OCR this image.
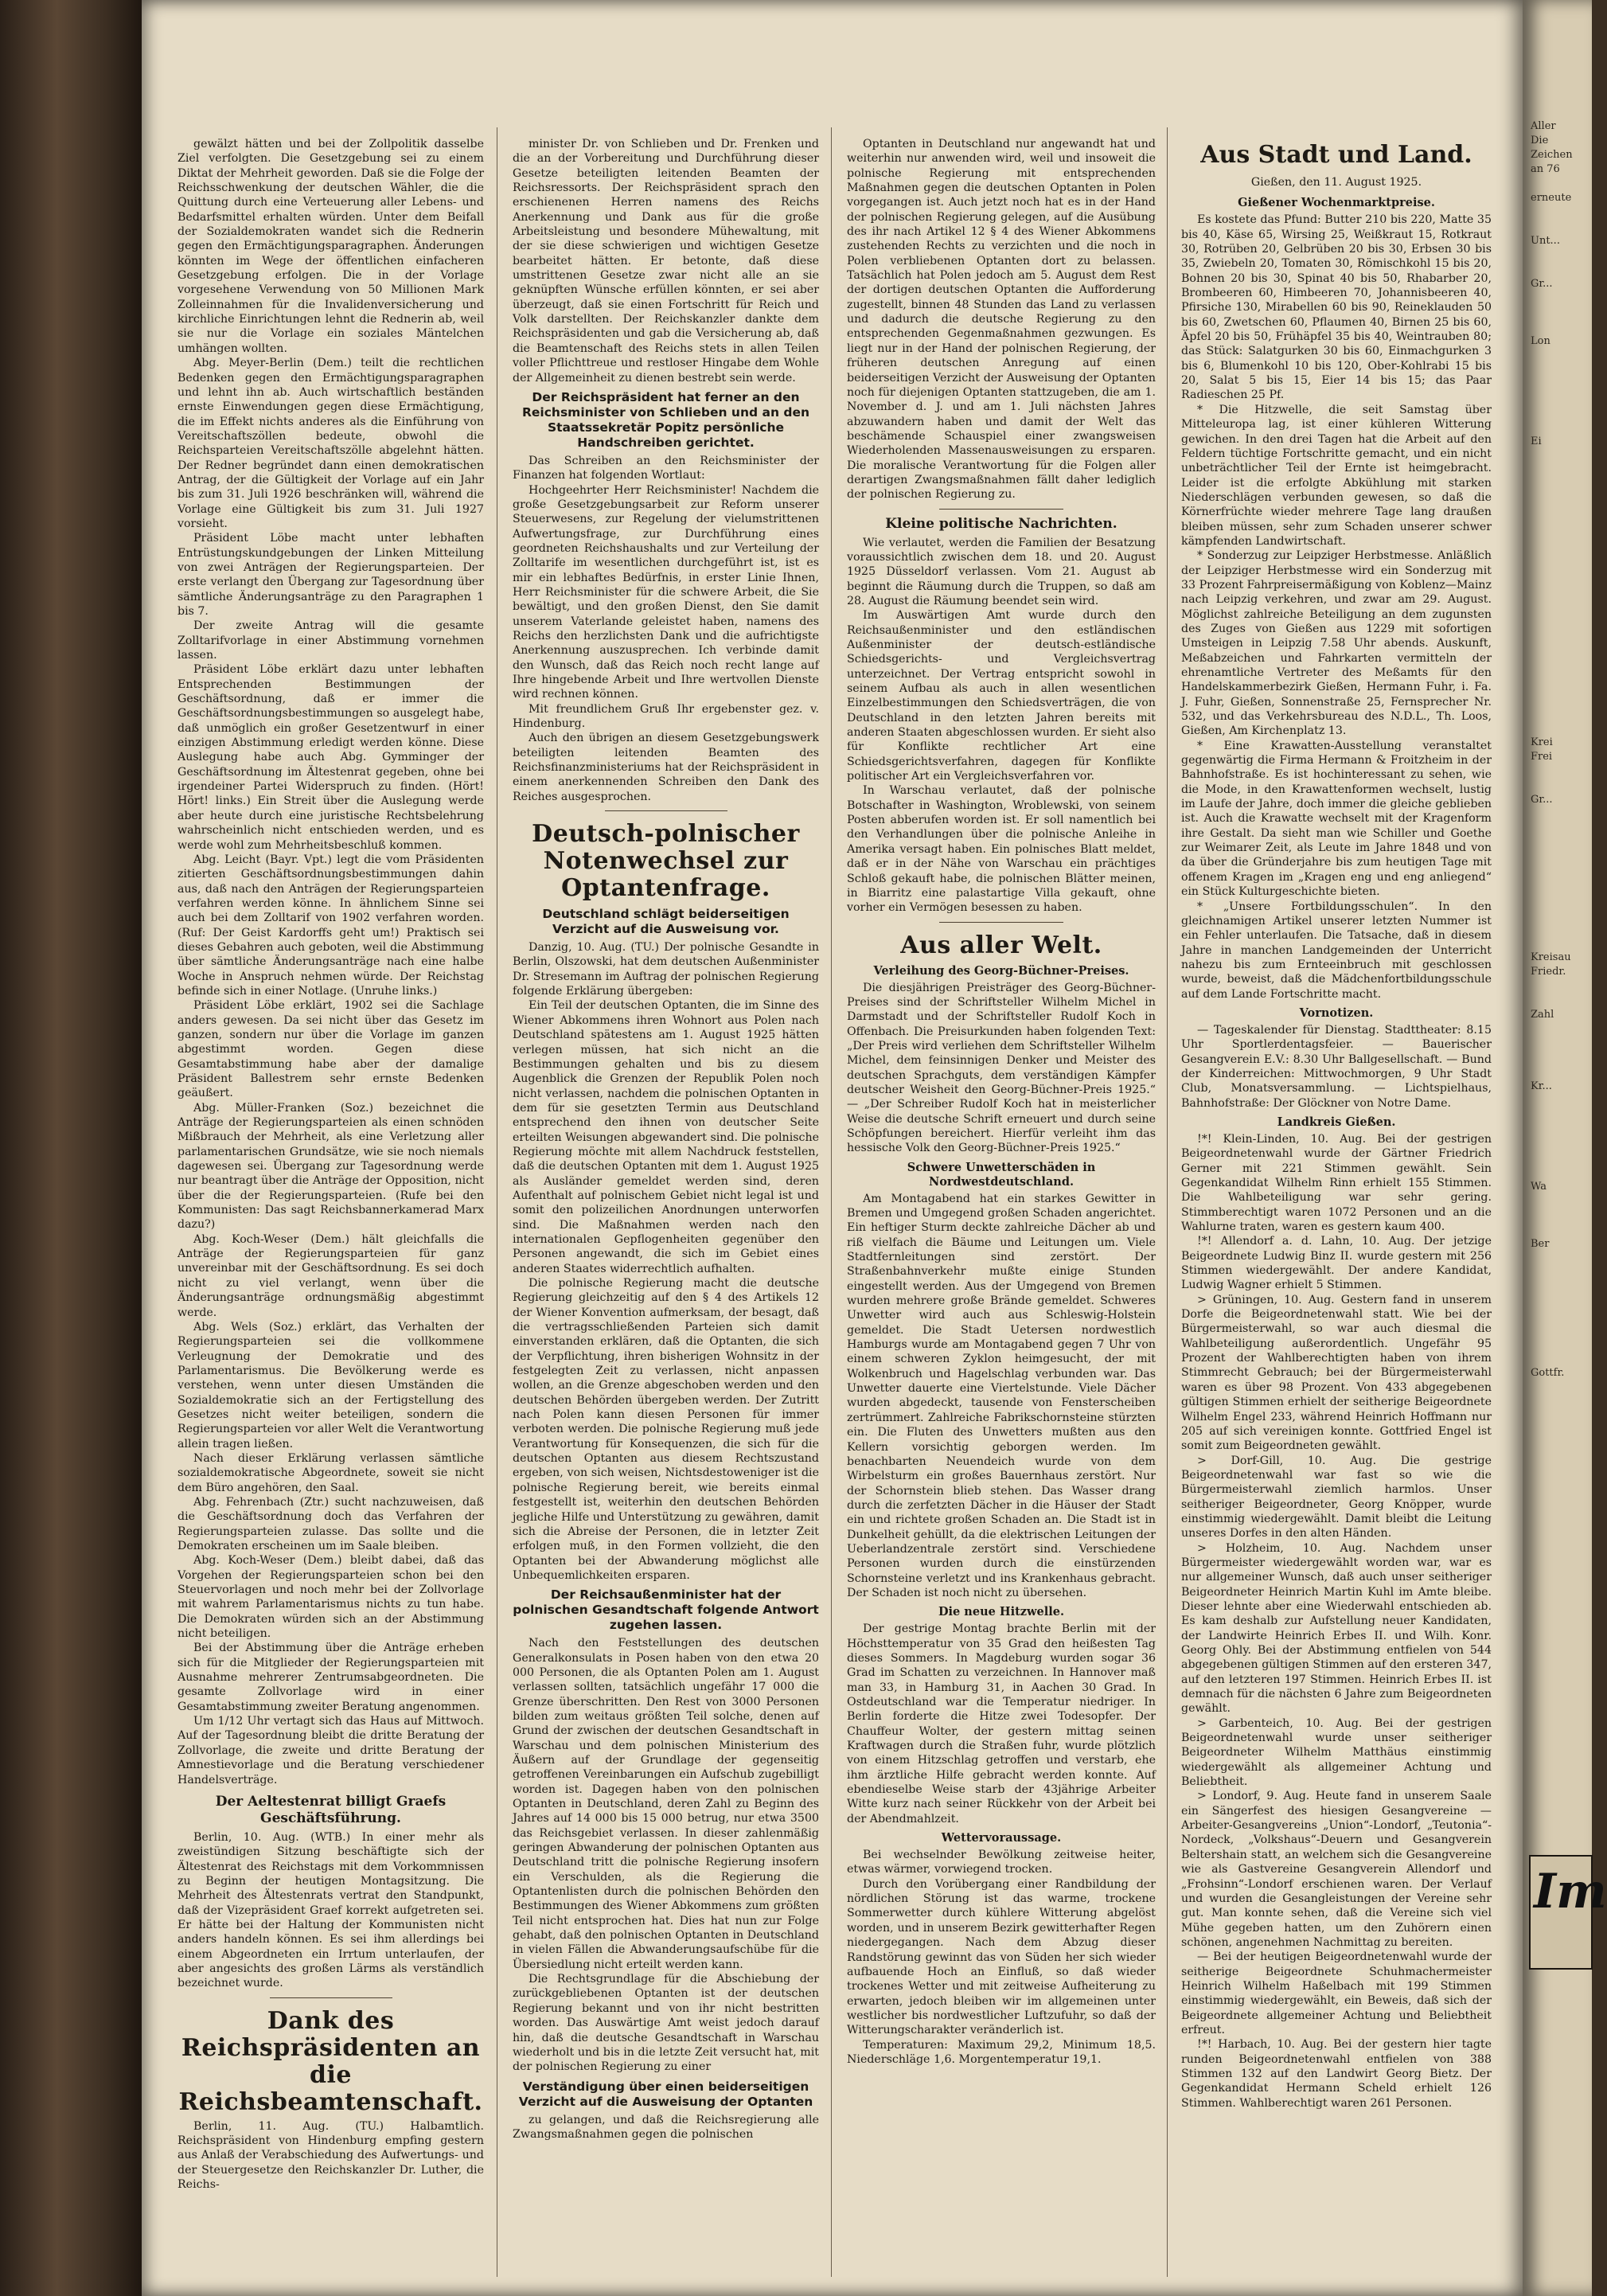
gewälzt hätten und bei der Zollpolitik dasselbe Ziel verfolgten. Die Gesetzgebung sei zu einem Diktat der Mehrheit geworden. Daß sie die Folge der Reichsschwenkung der deutschen Wähler, die die Quittung durch eine Verteuerung aller Lebens- und Bedarfsmittel erhalten würden. Unter dem Beifall der Sozialdemokraten wandet sich die Rednerin gegen den Ermächtigungsparagraphen. Änderungen könnten im Wege der öffentlichen einfacheren Gesetzgebung erfolgen. Die in der Vorlage vorgesehene Verwendung von 50 Millionen Mark Zolleinnahmen für die Invalidenversicherung und kirchliche Einrichtungen lehnt die Rednerin ab, weil sie nur die Vorlage ein soziales Mäntelchen umhängen wollten.

Abg. Meyer-Berlin (Dem.) teilt die rechtlichen Bedenken gegen den Ermächtigungsparagraphen und lehnt ihn ab. Auch wirtschaftlich beständen ernste Einwendungen gegen diese Ermächtigung, die im Effekt nichts anderes als die Einführung von Vereitschaftszöllen bedeute, obwohl die Reichsparteien Vereitschaftszölle abgelehnt hätten. Der Redner begründet dann einen demokratischen Antrag, der die Gültigkeit der Vorlage auf ein Jahr bis zum 31. Juli 1926 beschränken will, während die Vorlage eine Gültigkeit bis zum 31. Juli 1927 vorsieht.

Präsident Löbe macht unter lebhaften Entrüstungskundgebungen der Linken Mitteilung von zwei Anträgen der Regierungsparteien. Der erste verlangt den Übergang zur Tagesordnung über sämtliche Änderungsanträge zu den Paragraphen 1 bis 7.

Der zweite Antrag will die gesamte Zolltarifvorlage in einer Abstimmung vornehmen lassen.

Präsident Löbe erklärt dazu unter lebhaften Entsprechenden Bestimmungen der Geschäftsordnung, daß er immer die Geschäftsordnungsbestimmungen so ausgelegt habe, daß unmöglich ein großer Gesetzentwurf in einer einzigen Abstimmung erledigt werden könne. Diese Auslegung habe auch Abg. Gymminger der Geschäftsordnung im Ältestenrat gegeben, ohne bei irgendeiner Partei Widerspruch zu finden. (Hört! Hört! links.) Ein Streit über die Auslegung werde aber heute durch eine juristische Rechtsbelehrung wahrscheinlich nicht entschieden werden, und es werde wohl zum Mehrheitsbeschluß kommen.

Abg. Leicht (Bayr. Vpt.) legt die vom Präsidenten zitierten Geschäftsordnungsbestimmungen dahin aus, daß nach den Anträgen der Regierungsparteien verfahren werden könne. In ähnlichem Sinne sei auch bei dem Zolltarif von 1902 verfahren worden. (Ruf: Der Geist Kardorffs geht um!) Praktisch sei dieses Gebahren auch geboten, weil die Abstimmung über sämtliche Änderungsanträge nach eine halbe Woche in Anspruch nehmen würde. Der Reichstag befinde sich in einer Notlage. (Unruhe links.)

Präsident Löbe erklärt, 1902 sei die Sachlage anders gewesen. Da sei nicht über das Gesetz im ganzen, sondern nur über die Vorlage im ganzen abgestimmt worden. Gegen diese Gesamtabstimmung habe aber der damalige Präsident Ballestrem sehr ernste Bedenken geäußert.

Abg. Müller-Franken (Soz.) bezeichnet die Anträge der Regierungsparteien als einen schnöden Mißbrauch der Mehrheit, als eine Verletzung aller parlamentarischen Grundsätze, wie sie noch niemals dagewesen sei. Übergang zur Tagesordnung werde nur beantragt über die Anträge der Opposition, nicht über die der Regierungsparteien. (Rufe bei den Kommunisten: Das sagt Reichsbannerkamerad Marx dazu?)

Abg. Koch-Weser (Dem.) hält gleichfalls die Anträge der Regierungsparteien für ganz unvereinbar mit der Geschäftsordnung. Es sei doch nicht zu viel verlangt, wenn über die Änderungsanträge ordnungsmäßig abgestimmt werde.

Abg. Wels (Soz.) erklärt, das Verhalten der Regierungsparteien sei die vollkommene Verleugnung der Demokratie und des Parlamentarismus. Die Bevölkerung werde es verstehen, wenn unter diesen Umständen die Sozialdemokratie sich an der Fertigstellung des Gesetzes nicht weiter beteiligen, sondern die Regierungsparteien vor aller Welt die Verantwortung allein tragen ließen.

Nach dieser Erklärung verlassen sämtliche sozialdemokratische Abgeordnete, soweit sie nicht dem Büro angehören, den Saal.

Abg. Fehrenbach (Ztr.) sucht nachzuweisen, daß die Geschäftsordnung doch das Verfahren der Regierungsparteien zulasse. Das sollte und die Demokraten erscheinen um im Saale bleiben.

Abg. Koch-Weser (Dem.) bleibt dabei, daß das Vorgehen der Regierungsparteien schon bei den Steuervorlagen und noch mehr bei der Zollvorlage mit wahrem Parlamentarismus nichts zu tun habe. Die Demokraten würden sich an der Abstimmung nicht beteiligen.

Bei der Abstimmung über die Anträge erheben sich für die Mitglieder der Regierungsparteien mit Ausnahme mehrerer Zentrumsabgeordneten. Die gesamte Zollvorlage wird in einer Gesamtabstimmung zweiter Beratung angenommen.

Um 1/12 Uhr vertagt sich das Haus auf Mittwoch. Auf der Tagesordnung bleibt die dritte Beratung der Zollvorlage, die zweite und dritte Beratung der Amnestievorlage und die Beratung verschiedener Handelsverträge.

Der Aeltestenrat billigt Graefs Geschäftsführung.

Berlin, 10. Aug. (WTB.) In einer mehr als zweistündigen Sitzung beschäftigte sich der Ältestenrat des Reichstags mit dem Vorkommnissen zu Beginn der heutigen Montagsitzung. Die Mehrheit des Ältestenrats vertrat den Standpunkt, daß der Vizepräsident Graef korrekt aufgetreten sei. Er hätte bei der Haltung der Kommunisten nicht anders handeln können. Es sei ihm allerdings bei einem Abgeordneten ein Irrtum unterlaufen, der aber angesichts des großen Lärms als verständlich bezeichnet wurde.

Dank des Reichspräsidenten an die Reichsbeamtenschaft.

Berlin, 11. Aug. (TU.) Halbamtlich. Reichspräsident von Hindenburg empfing gestern aus Anlaß der Verabschiedung des Aufwertungs- und der Steuergesetze den Reichskanzler Dr. Luther, die Reichs-

minister Dr. von Schlieben und Dr. Frenken und die an der Vorbereitung und Durchführung dieser Gesetze beteiligten leitenden Beamten der Reichsressorts. Der Reichspräsident sprach den erschienenen Herren namens des Reichs Anerkennung und Dank aus für die große Arbeitsleistung und besondere Mühewaltung, mit der sie diese schwierigen und wichtigen Gesetze bearbeitet hätten. Er betonte, daß diese umstrittenen Gesetze zwar nicht alle an sie geknüpften Wünsche erfüllen könnten, er sei aber überzeugt, daß sie einen Fortschritt für Reich und Volk darstellten. Der Reichskanzler dankte dem Reichspräsidenten und gab die Versicherung ab, daß die Beamtenschaft des Reichs stets in allen Teilen voller Pflichttreue und restloser Hingabe dem Wohle der Allgemeinheit zu dienen bestrebt sein werde.

Der Reichspräsident hat ferner an den Reichsminister von Schlieben und an den Staatssekretär Popitz persönliche Handschreiben gerichtet.

Das Schreiben an den Reichsminister der Finanzen hat folgenden Wortlaut:

Hochgeehrter Herr Reichsminister! Nachdem die große Gesetzgebungsarbeit zur Reform unserer Steuerwesens, zur Regelung der vielumstrittenen Aufwertungsfrage, zur Durchführung eines geordneten Reichshaushalts und zur Verteilung der Zolltarife im wesentlichen durchgeführt ist, ist es mir ein lebhaftes Bedürfnis, in erster Linie Ihnen, Herr Reichsminister für die schwere Arbeit, die Sie bewältigt, und den großen Dienst, den Sie damit unserem Vaterlande geleistet haben, namens des Reichs den herzlichsten Dank und die aufrichtigste Anerkennung auszusprechen. Ich verbinde damit den Wunsch, daß das Reich noch recht lange auf Ihre hingebende Arbeit und Ihre wertvollen Dienste wird rechnen können.

Mit freundlichem Gruß Ihr ergebenster gez. v. Hindenburg.

Auch den übrigen an diesem Gesetzgebungswerk beteiligten leitenden Beamten des Reichsfinanzministeriums hat der Reichspräsident in einem anerkennenden Schreiben den Dank des Reiches ausgesprochen.

Deutsch-polnischer Notenwechsel zur Optantenfrage.
Deutschland schlägt beiderseitigen Verzicht auf die Ausweisung vor.

Danzig, 10. Aug. (TU.) Der polnische Gesandte in Berlin, Olszowski, hat dem deutschen Außenminister Dr. Stresemann im Auftrag der polnischen Regierung folgende Erklärung übergeben:

Ein Teil der deutschen Optanten, die im Sinne des Wiener Abkommens ihren Wohnort aus Polen nach Deutschland spätestens am 1. August 1925 hätten verlegen müssen, hat sich nicht an die Bestimmungen gehalten und bis zu diesem Augenblick die Grenzen der Republik Polen noch nicht verlassen, nachdem die polnischen Optanten in dem für sie gesetzten Termin aus Deutschland entsprechend den ihnen von deutscher Seite erteilten Weisungen abgewandert sind. Die polnische Regierung möchte mit allem Nachdruck feststellen, daß die deutschen Optanten mit dem 1. August 1925 als Ausländer gemeldet werden sind, deren Aufenthalt auf polnischem Gebiet nicht legal ist und somit den polizeilichen Anordnungen unterworfen sind. Die Maßnahmen werden nach den internationalen Gepflogenheiten gegenüber den Personen angewandt, die sich im Gebiet eines anderen Staates widerrechtlich aufhalten.

Die polnische Regierung macht die deutsche Regierung gleichzeitig auf den § 4 des Artikels 12 der Wiener Konvention aufmerksam, der besagt, daß die vertragsschließenden Parteien sich damit einverstanden erklären, daß die Optanten, die sich der Verpflichtung, ihren bisherigen Wohnsitz in der festgelegten Zeit zu verlassen, nicht anpassen wollen, an die Grenze abgeschoben werden und den deutschen Behörden übergeben werden. Der Zutritt nach Polen kann diesen Personen für immer verboten werden. Die polnische Regierung muß jede Verantwortung für Konsequenzen, die sich für die deutschen Optanten aus diesem Rechtszustand ergeben, von sich weisen, Nichtsdestoweniger ist die polnische Regierung bereit, wie bereits einmal festgestellt ist, weiterhin den deutschen Behörden jegliche Hilfe und Unterstützung zu gewähren, damit sich die Abreise der Personen, die in letzter Zeit erfolgen muß, in den Formen vollzieht, die den Optanten bei der Abwanderung möglichst alle Unbequemlichkeiten ersparen.

Der Reichsaußenminister hat der polnischen Gesandtschaft folgende Antwort zugehen lassen.

Nach den Feststellungen des deutschen Generalkonsulats in Posen haben von den etwa 20 000 Personen, die als Optanten Polen am 1. August verlassen sollten, tatsächlich ungefähr 17 000 die Grenze überschritten. Den Rest von 3000 Personen bilden zum weitaus größten Teil solche, denen auf Grund der zwischen der deutschen Gesandtschaft in Warschau und dem polnischen Ministerium des Äußern auf der Grundlage der gegenseitig getroffenen Vereinbarungen ein Aufschub zugebilligt worden ist. Dagegen haben von den polnischen Optanten in Deutschland, deren Zahl zu Beginn des Jahres auf 14 000 bis 15 000 betrug, nur etwa 3500 das Reichsgebiet verlassen. In dieser zahlenmäßig geringen Abwanderung der polnischen Optanten aus Deutschland tritt die polnische Regierung insofern ein Verschulden, als die Regierung die Optantenlisten durch die polnischen Behörden den Bestimmungen des Wiener Abkommens zum größten Teil nicht entsprochen hat. Dies hat nun zur Folge gehabt, daß den polnischen Optanten in Deutschland in vielen Fällen die Abwanderungsaufschübe für die Übersiedlung nicht erteilt werden kann.

Die Rechtsgrundlage für die Abschiebung der zurückgebliebenen Optanten ist der deutschen Regierung bekannt und von ihr nicht bestritten worden. Das Auswärtige Amt weist jedoch darauf hin, daß die deutsche Gesandtschaft in Warschau wiederholt und bis in die letzte Zeit versucht hat, mit der polnischen Regierung zu einer

Verständigung über einen beiderseitigen Verzicht auf die Ausweisung der Optanten

zu gelangen, und daß die Reichsregierung alle Zwangsmaßnahmen gegen die polnischen

Optanten in Deutschland nur angewandt hat und weiterhin nur anwenden wird, weil und insoweit die polnische Regierung mit entsprechenden Maßnahmen gegen die deutschen Optanten in Polen vorgegangen ist. Auch jetzt noch hat es in der Hand der polnischen Regierung gelegen, auf die Ausübung des ihr nach Artikel 12 § 4 des Wiener Abkommens zustehenden Rechts zu verzichten und die noch in Polen verbliebenen Optanten dort zu belassen. Tatsächlich hat Polen jedoch am 5. August dem Rest der dortigen deutschen Optanten die Aufforderung zugestellt, binnen 48 Stunden das Land zu verlassen und dadurch die deutsche Regierung zu den entsprechenden Gegenmaßnahmen gezwungen. Es liegt nur in der Hand der polnischen Regierung, der früheren deutschen Anregung auf einen beiderseitigen Verzicht der Ausweisung der Optanten noch für diejenigen Optanten stattzugeben, die am 1. November d. J. und am 1. Juli nächsten Jahres abzuwandern haben und damit der Welt das beschämende Schauspiel einer zwangsweisen Wiederholenden Massenausweisungen zu ersparen. Die moralische Verantwortung für die Folgen aller derartigen Zwangsmaßnahmen fällt daher lediglich der polnischen Regierung zu.

Kleine politische Nachrichten.

Wie verlautet, werden die Familien der Besatzung voraussichtlich zwischen dem 18. und 20. August 1925 Düsseldorf verlassen. Vom 21. August ab beginnt die Räumung durch die Truppen, so daß am 28. August die Räumung beendet sein wird.

Im Auswärtigen Amt wurde durch den Reichsaußenminister und den estländischen Außenminister der deutsch-estländische Schiedsgerichts- und Vergleichsvertrag unterzeichnet. Der Vertrag entspricht sowohl in seinem Aufbau als auch in allen wesentlichen Einzelbestimmungen den Schiedsverträgen, die von Deutschland in den letzten Jahren bereits mit anderen Staaten abgeschlossen wurden. Er sieht also für Konflikte rechtlicher Art eine Schiedsgerichtsverfahren, dagegen für Konflikte politischer Art ein Vergleichsverfahren vor.

In Warschau verlautet, daß der polnische Botschafter in Washington, Wroblewski, von seinem Posten abberufen worden ist. Er soll namentlich bei den Verhandlungen über die polnische Anleihe in Amerika versagt haben. Ein polnisches Blatt meldet, daß er in der Nähe von Warschau ein prächtiges Schloß gekauft habe, die polnischen Blätter meinen, in Biarritz eine palastartige Villa gekauft, ohne vorher ein Vermögen besessen zu haben.

Aus aller Welt.
Verleihung des Georg-Büchner-Preises.

Die diesjährigen Preisträger des Georg-Büchner-Preises sind der Schriftsteller Wilhelm Michel in Darmstadt und der Schriftsteller Rudolf Koch in Offenbach. Die Preisurkunden haben folgenden Text: „Der Preis wird verliehen dem Schriftsteller Wilhelm Michel, dem feinsinnigen Denker und Meister des deutschen Sprachguts, dem verständigen Kämpfer deutscher Weisheit den Georg-Büchner-Preis 1925.“ — „Der Schreiber Rudolf Koch hat in meisterlicher Weise die deutsche Schrift erneuert und durch seine Schöpfungen bereichert. Hierfür verleiht ihm das hessische Volk den Georg-Büchner-Preis 1925.“

Schwere Unwetterschäden in Nordwestdeutschland.

Am Montagabend hat ein starkes Gewitter in Bremen und Umgegend großen Schaden angerichtet. Ein heftiger Sturm deckte zahlreiche Dächer ab und riß vielfach die Bäume und Leitungen um. Viele Stadtfernleitungen sind zerstört. Der Straßenbahnverkehr mußte einige Stunden eingestellt werden. Aus der Umgegend von Bremen wurden mehrere große Brände gemeldet. Schweres Unwetter wird auch aus Schleswig-Holstein gemeldet. Die Stadt Uetersen nordwestlich Hamburgs wurde am Montagabend gegen 7 Uhr von einem schweren Zyklon heimgesucht, der mit Wolkenbruch und Hagelschlag verbunden war. Das Unwetter dauerte eine Viertelstunde. Viele Dächer wurden abgedeckt, tausende von Fensterscheiben zertrümmert. Zahlreiche Fabrikschornsteine stürzten ein. Die Fluten des Unwetters mußten aus den Kellern vorsichtig geborgen werden. Im benachbarten Neuendeich wurde von dem Wirbelsturm ein großes Bauernhaus zerstört. Nur der Schornstein blieb stehen. Das Wasser drang durch die zerfetzten Dächer in die Häuser der Stadt ein und richtete großen Schaden an. Die Stadt ist in Dunkelheit gehüllt, da die elektrischen Leitungen der Ueberlandzentrale zerstört sind. Verschiedene Personen wurden durch die einstürzenden Schornsteine verletzt und ins Krankenhaus gebracht. Der Schaden ist noch nicht zu übersehen.

Die neue Hitzwelle.

Der gestrige Montag brachte Berlin mit der Höchsttemperatur von 35 Grad den heißesten Tag dieses Sommers. In Magdeburg wurden sogar 36 Grad im Schatten zu verzeichnen. In Hannover maß man 33, in Hamburg 31, in Aachen 30 Grad. In Ostdeutschland war die Temperatur niedriger. In Berlin forderte die Hitze zwei Todesopfer. Der Chauffeur Wolter, der gestern mittag seinen Kraftwagen durch die Straßen fuhr, wurde plötzlich von einem Hitzschlag getroffen und verstarb, ehe ihm ärztliche Hilfe gebracht werden konnte. Auf ebendieselbe Weise starb der 43jährige Arbeiter Witte kurz nach seiner Rückkehr von der Arbeit bei der Abendmahlzeit.

Wettervoraussage.

Bei wechselnder Bewölkung zeitweise heiter, etwas wärmer, vorwiegend trocken.

Durch den Vorübergang einer Randbildung der nördlichen Störung ist das warme, trockene Sommerwetter durch kühlere Witterung abgelöst worden, und in unserem Bezirk gewitterhafter Regen niedergegangen. Nach dem Abzug dieser Randstörung gewinnt das von Süden her sich wieder aufbauende Hoch an Einfluß, so daß wieder trockenes Wetter und mit zeitweise Aufheiterung zu erwarten, jedoch bleiben wir im allgemeinen unter westlicher bis nordwestlicher Luftzufuhr, so daß der Witterungscharakter veränderlich ist.

Temperaturen: Maximum 29,2, Minimum 18,5. Niederschläge 1,6. Morgentemperatur 19,1.

Aus Stadt und Land.
Gießen, den 11. August 1925.
Gießener Wochenmarktpreise.

Es kostete das Pfund: Butter 210 bis 220, Matte 35 bis 40, Käse 65, Wirsing 25, Weißkraut 15, Rotkraut 30, Rotrüben 20, Gelbrüben 20 bis 30, Erbsen 30 bis 35, Zwiebeln 20, Tomaten 30, Römischkohl 15 bis 20, Bohnen 20 bis 30, Spinat 40 bis 50, Rhabarber 20, Brombeeren 60, Himbeeren 70, Johannisbeeren 40, Pfirsiche 130, Mirabellen 60 bis 90, Reineklauden 50 bis 60, Zwetschen 60, Pflaumen 40, Birnen 25 bis 60, Äpfel 20 bis 50, Frühäpfel 35 bis 40, Weintrauben 80; das Stück: Salatgurken 30 bis 60, Einmachgurken 3 bis 6, Blumenkohl 10 bis 120, Ober-Kohlrabi 15 bis 20, Salat 5 bis 15, Eier 14 bis 15; das Paar Radieschen 25 Pf.

* Die Hitzwelle, die seit Samstag über Mitteleuropa lag, ist einer kühleren Witterung gewichen. In den drei Tagen hat die Arbeit auf den Feldern tüchtige Fortschritte gemacht, und ein nicht unbeträchtlicher Teil der Ernte ist heimgebracht. Leider ist die erfolgte Abkühlung mit starken Niederschlägen verbunden gewesen, so daß die Körnerfrüchte wieder mehrere Tage lang draußen bleiben müssen, sehr zum Schaden unserer schwer kämpfenden Landwirtschaft.

* Sonderzug zur Leipziger Herbstmesse. Anläßlich der Leipziger Herbstmesse wird ein Sonderzug mit 33 Prozent Fahrpreisermäßigung von Koblenz—Mainz nach Leipzig verkehren, und zwar am 29. August. Möglichst zahlreiche Beteiligung an dem zugunsten des Zuges von Gießen aus 1229 mit sofortigen Umsteigen in Leipzig 7.58 Uhr abends. Auskunft, Meßabzeichen und Fahrkarten vermitteln der ehrenamtliche Vertreter des Meßamts für den Handelskammerbezirk Gießen, Hermann Fuhr, i. Fa. J. Fuhr, Gießen, Sonnenstraße 25, Fernsprecher Nr. 532, und das Verkehrsbureau des N.D.L., Th. Loos, Gießen, Am Kirchenplatz 13.

* Eine Krawatten-Ausstellung veranstaltet gegenwärtig die Firma Hermann & Froitzheim in der Bahnhofstraße. Es ist hochinteressant zu sehen, wie die Mode, in den Krawattenformen wechselt, lustig im Laufe der Jahre, doch immer die gleiche geblieben ist. Auch die Krawatte wechselt mit der Kragenform ihre Gestalt. Da sieht man wie Schiller und Goethe zur Weimarer Zeit, als Leute im Jahre 1848 und von da über die Gründerjahre bis zum heutigen Tage mit offenem Kragen im „Kragen eng und eng anliegend“ ein Stück Kulturgeschichte bieten.

* „Unsere Fortbildungsschulen“. In den gleichnamigen Artikel unserer letzten Nummer ist ein Fehler unterlaufen. Die Tatsache, daß in diesem Jahre in manchen Landgemeinden der Unterricht nahezu bis zum Ernteeinbruch mit geschlossen wurde, beweist, daß die Mädchenfortbildungsschule auf dem Lande Fortschritte macht.

Vornotizen.

— Tageskalender für Dienstag. Stadttheater: 8.15 Uhr Sportlerdentagsfeier. — Bauerischer Gesangverein E.V.: 8.30 Uhr Ballgesellschaft. — Bund der Kinderreichen: Mittwochmorgen, 9 Uhr Stadt Club, Monatsversammlung. — Lichtspielhaus, Bahnhofstraße: Der Glöckner von Notre Dame.

Landkreis Gießen.

!*! Klein-Linden, 10. Aug. Bei der gestrigen Beigeordnetenwahl wurde der Gärtner Friedrich Gerner mit 221 Stimmen gewählt. Sein Gegenkandidat Wilhelm Rinn erhielt 155 Stimmen. Die Wahlbeteiligung war sehr gering. Stimmberechtigt waren 1072 Personen und an die Wahlurne traten, waren es gestern kaum 400.

!*! Allendorf a. d. Lahn, 10. Aug. Der jetzige Beigeordnete Ludwig Binz II. wurde gestern mit 256 Stimmen wiedergewählt. Der andere Kandidat, Ludwig Wagner erhielt 5 Stimmen.

> Grüningen, 10. Aug. Gestern fand in unserem Dorfe die Beigeordnetenwahl statt. Wie bei der Bürgermeisterwahl, so war auch diesmal die Wahlbeteiligung außerordentlich. Ungefähr 95 Prozent der Wahlberechtigten haben von ihrem Stimmrecht Gebrauch; bei der Bürgermeisterwahl waren es über 98 Prozent. Von 433 abgegebenen gültigen Stimmen erhielt der seitherige Beigeordnete Wilhelm Engel 233, während Heinrich Hoffmann nur 205 auf sich vereinigen konnte. Gottfried Engel ist somit zum Beigeordneten gewählt.

> Dorf-Gill, 10. Aug. Die gestrige Beigeordnetenwahl war fast so wie die Bürgermeisterwahl ziemlich harmlos. Unser seitheriger Beigeordneter, Georg Knöpper, wurde einstimmig wiedergewählt. Damit bleibt die Leitung unseres Dorfes in den alten Händen.

> Holzheim, 10. Aug. Nachdem unser Bürgermeister wiedergewählt worden war, war es nur allgemeiner Wunsch, daß auch unser seitheriger Beigeordneter Heinrich Martin Kuhl im Amte bleibe. Dieser lehnte aber eine Wiederwahl entschieden ab. Es kam deshalb zur Aufstellung neuer Kandidaten, der Landwirte Heinrich Erbes II. und Wilh. Konr. Georg Ohly. Bei der Abstimmung entfielen von 544 abgegebenen gültigen Stimmen auf den ersteren 347, auf den letzteren 197 Stimmen. Heinrich Erbes II. ist demnach für die nächsten 6 Jahre zum Beigeordneten gewählt.

> Garbenteich, 10. Aug. Bei der gestrigen Beigeordnetenwahl wurde unser seitheriger Beigeordneter Wilhelm Matthäus einstimmig wiedergewählt als allgemeiner Achtung und Beliebtheit.

> Londorf, 9. Aug. Heute fand in unserem Saale ein Sängerfest des hiesigen Gesangvereine — Arbeiter-Gesangvereins „Union“-Londorf, „Teutonia“-Nordeck, „Volkshaus“-Deuern und Gesangverein Beltershain statt, an welchem sich die Gesangvereine wie als Gastvereine Gesangverein Allendorf und „Frohsinn“-Londorf erschienen waren. Der Verlauf und wurden die Gesangleistungen der Vereine sehr gut. Man konnte sehen, daß die Vereine sich viel Mühe gegeben hatten, um den Zuhörern einen schönen, angenehmen Nachmittag zu bereiten.

— Bei der heutigen Beigeordnetenwahl wurde der seitherige Beigeordnete Schuhmachermeister Heinrich Wilhelm Haßelbach mit 199 Stimmen einstimmig wiedergewählt, ein Beweis, daß sich der Beigeordnete allgemeiner Achtung und Beliebtheit erfreut.

!*! Harbach, 10. Aug. Bei der gestern hier tagte runden Beigeordnetenwahl entfielen von 388 Stimmen 132 auf den Landwirt Georg Bietz. Der Gegenkandidat Hermann Scheld erhielt 126 Stimmen. Wahlberechtigt waren 261 Personen.

Aller

Die

Zeichen

an 76

erneute

Unt...

Gr...

Lon

Ei

Krei

Frei

Gr...

Kreisau

Friedr.

Zahl

Kr...

Wa

Ber

Gottfr.

Im
